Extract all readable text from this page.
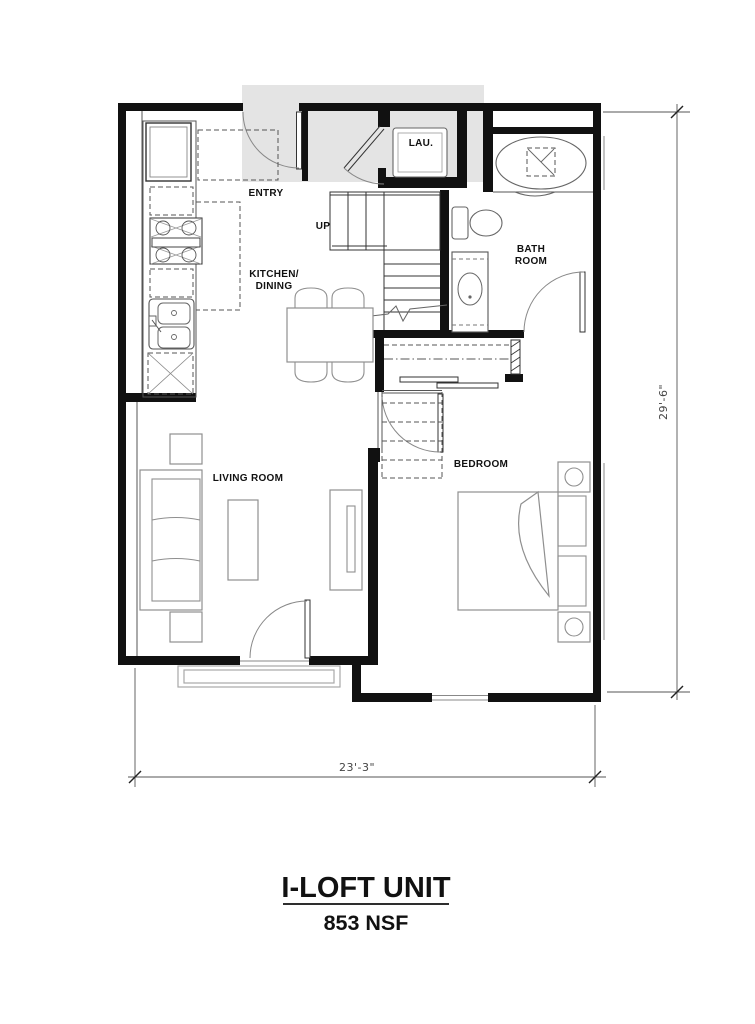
29'-6"
23'-3"
ENTRY
UP
KITCHEN/
DINING
LIVING ROOM
BEDROOM
LAU.
BATH
ROOM
I-LOFT UNIT
853 NSF
